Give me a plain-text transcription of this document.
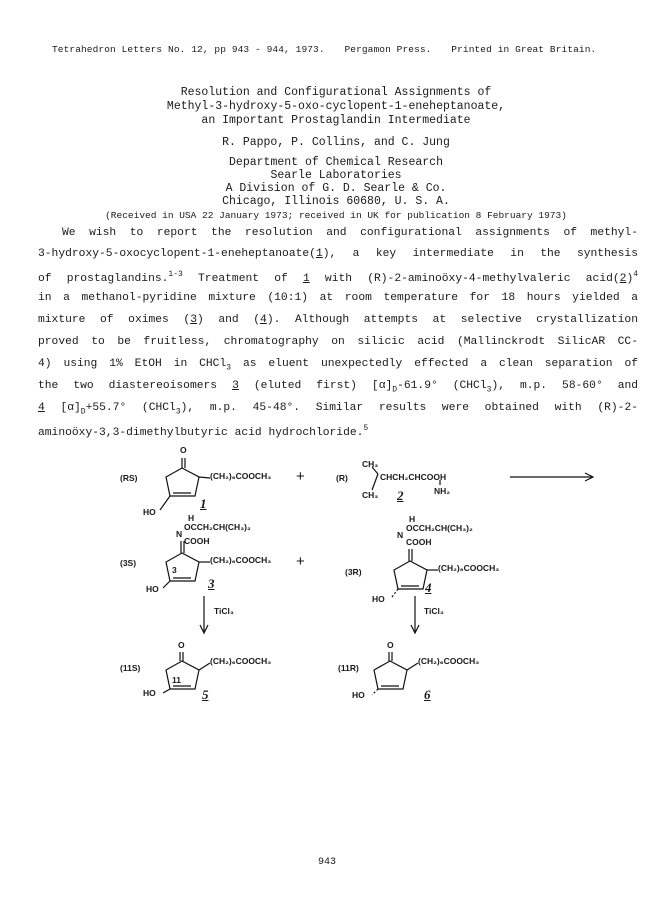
Tetrahedron Letters No. 12, pp 943 - 944, 1973. Pergamon Press. Printed in Great Britain.
Resolution and Configurational Assignments of
Methyl-3-hydroxy-5-oxo-cyclopent-1-eneheptanoate,
an Important Prostaglandin Intermediate
R. Pappo, P. Collins, and C. Jung
Department of Chemical Research
Searle Laboratories
A Division of G. D. Searle & Co.
Chicago, Illinois 60680, U. S. A.
(Received in USA 22 January 1973; received in UK for publication 8 February 1973)
We wish to report the resolution and configurational assignments of methyl-
3-hydroxy-5-oxocyclopent-1-eneheptanoate(1), a key intermediate in the synthesis
of prostaglandins.$^{1-3}$ Treatment of 1 with (R)-2-aminoöxy-4-methylvaleric $acid(2)^4$
in a methanol-pyridine mixture (10:1) at room temperature for 18 hours yielded a
mixture of oximes (3) and (4). Although attempts at selective crystallization
proved to be fruitless, chromatography on silicic acid (Mallinckrodt SilicAR CC-
4) using 1% EtOH in CHCl$_3$ as eluent unexpectedly effected a clean separation of
the two diastereoisomers 3 (eluted first) $[\alpha]_D-61.9^\circ$ (CHCl$_3$), m.p. 58-60° and
4 $[\alpha]_D+55.7^\circ$ (CHCl$_3$), m.p. 45-48°. Similar results were obtained with (R)-2-
aminoöxy-3,3-dimethylbutyric acid hydrochloride.$^5$
(RS)
O
(CH₂)₆COOCH₃
HO
1
+	(R)
CH₃
CHCH₂CHCOOH
CH₃	NH₂
2
H
OCCH₂CH(CH₃)₂
N
COOH
(3S)	(CH₂)₆COOCH₃
3
HO	3
+
H
OCCH₂CH(CH₃)₂
N
COOH
(3R)	(CH₂)₆COOCH₃
HO
4
TiCl₃	TiCl₃
(11S)
O
(CH₂)₆COOCH₃
11
HO	5
(11R)
O
(CH₂)₆COOCH₃
HO	6
943
